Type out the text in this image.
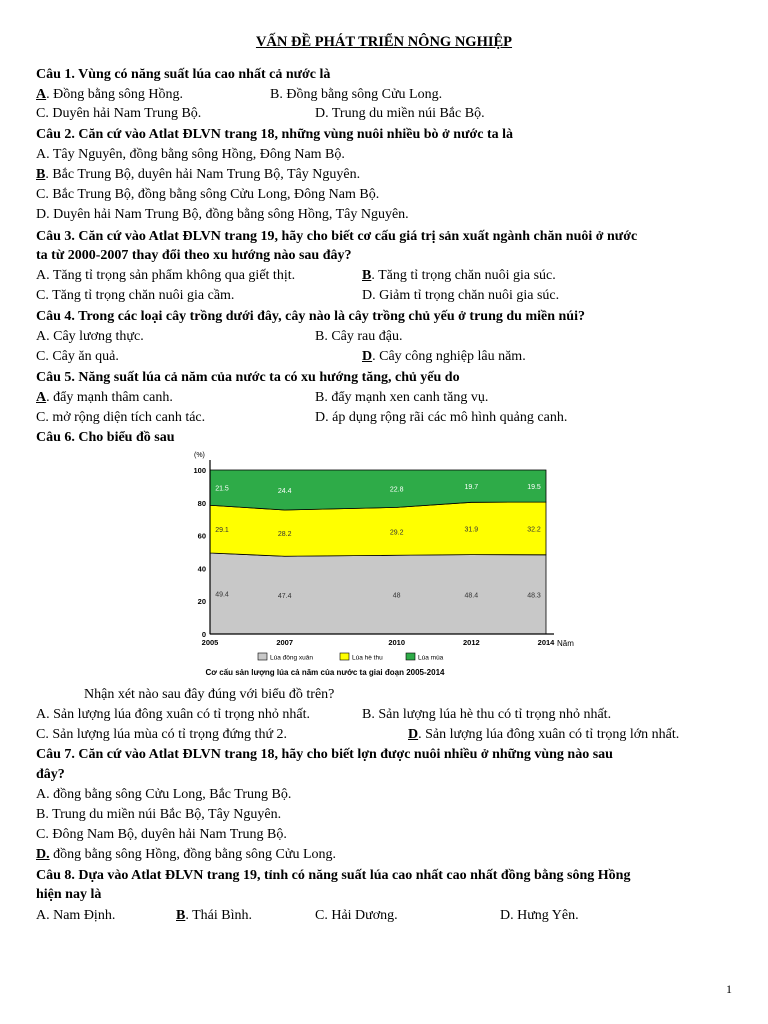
VẤN ĐỀ PHÁT TRIỂN NÔNG NGHIỆP
Câu 1. Vùng có năng suất lúa cao nhất cả nước là
A. Đồng bằng sông Hồng.	B. Đồng bằng sông Cửu Long.
C. Duyên hải Nam Trung Bộ.	D. Trung du miền núi Bắc Bộ.
Câu 2. Căn cứ vào Atlat ĐLVN trang 18, những vùng nuôi nhiều bò ở nước ta là
A. Tây Nguyên, đồng bằng sông Hồng, Đông Nam Bộ.
B. Bắc Trung Bộ, duyên hải Nam Trung Bộ, Tây Nguyên.
C. Bắc Trung Bộ, đồng bằng sông Cửu Long, Đông Nam Bộ.
D. Duyên hải Nam Trung Bộ, đồng bằng sông Hồng, Tây Nguyên.
Câu 3. Căn cứ vào Atlat ĐLVN trang 19, hãy cho biết cơ cấu giá trị sản xuất ngành chăn nuôi ở nước
ta từ 2000-2007 thay đổi theo xu hướng nào sau đây?
A. Tăng tỉ trọng sản phẩm không qua giết thịt.	B. Tăng tỉ trọng chăn nuôi gia súc.
C. Tăng tỉ trọng chăn nuôi gia cầm.	D. Giảm tỉ trọng chăn nuôi gia súc.
Câu 4. Trong các loại cây trồng dưới đây, cây nào là cây trồng chủ yếu ở trung du miền núi?
A. Cây lương thực.	B. Cây rau đậu.
C. Cây ăn quả.	D. Cây công nghiệp lâu năm.
Câu 5. Năng suất lúa cả năm của nước ta có xu hướng tăng, chủ yếu do
A. đẩy mạnh thâm canh.	B. đẩy mạnh xen canh tăng vụ.
C. mở rộng diện tích canh tác.	D. áp dụng rộng rãi các mô hình quảng canh.
Câu 6. Cho biểu đồ sau
49.4	47.4	48	48.4	48.3
29.1
28.2	29.2	31.9	32.2
21.5	24.4	22.8	19.7	19.5
0
20
40
60
80
100
2005	2007	2010	2012	2014
(%)
Năm
Lúa đông xuân	Lúa hè thu	Lúa mùa
Cơ cấu sản lượng lúa cả năm của nước ta giai đoạn 2005-2014
Nhận xét nào sau đây đúng với biểu đồ trên?
A. Sản lượng lúa đông xuân có tỉ trọng nhỏ nhất.	B. Sản lượng lúa hè thu có tỉ trọng nhỏ nhất.
C. Sản lượng lúa mùa có tỉ trọng đứng thứ 2.	D. Sản lượng lúa đông xuân có tỉ trọng lớn nhất.
Câu 7. Căn cứ vào Atlat ĐLVN trang 18, hãy cho biết lợn được nuôi nhiều ở những vùng nào sau
đây?
A. đồng bằng sông Cửu Long, Bắc Trung Bộ.
B. Trung du miền núi Bắc Bộ, Tây Nguyên.
C. Đông Nam Bộ, duyên hải Nam Trung Bộ.
D. đồng bằng sông Hồng, đồng bằng sông Cửu Long.
Câu 8. Dựa vào Atlat ĐLVN trang 19, tỉnh có năng suất lúa cao nhất cao nhất đồng bằng sông Hồng
hiện nay là
A. Nam Định.	B. Thái Bình.	C. Hải Dương.	D. Hưng Yên.
1
